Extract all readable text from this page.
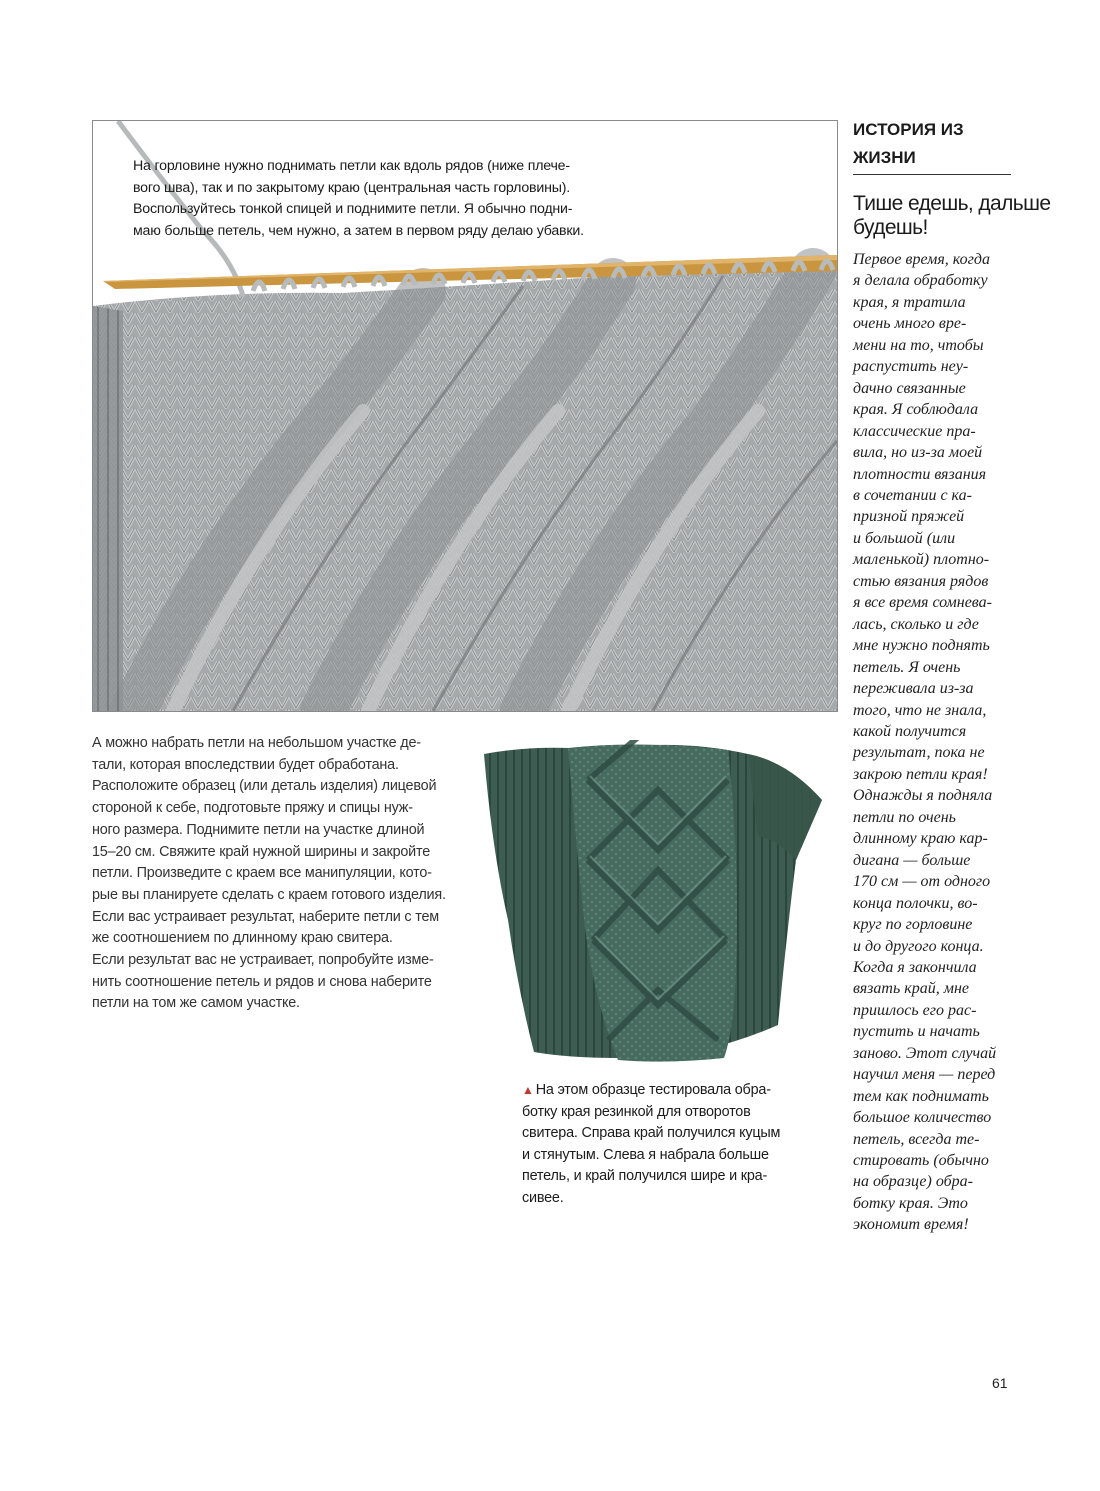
На горловине нужно поднимать петли как вдоль рядов (ниже плече-
вого шва), так и по закрытому краю (центральная часть горловины).
Воспользуйтесь тонкой спицей и поднимите петли. Я обычно подни-
маю больше петель, чем нужно, а затем в первом ряду делаю убавки.
А можно набрать петли на небольшом участке де-
тали, которая впоследствии будет обработана.
Расположите образец (или деталь изделия) лицевой
стороной к себе, подготовьте пряжу и спицы нуж-
ного размера. Поднимите петли на участке длиной
15–20 см. Свяжите край нужной ширины и закройте
петли. Произведите с краем все манипуляции, кото-
рые вы планируете сделать с краем готового изделия.
Если вас устраивает результат, наберите петли с тем
же соотношением по длинному краю свитера.
Если результат вас не устраивает, попробуйте изме-
нить соотношение петель и рядов и снова наберите
петли на том же самом участке.
▲ На этом образце тестировала обра-
ботку края резинкой для отворотов
свитера. Справа край получился куцым
и стянутым. Слева я набрала больше
петель, и край получился шире и кра-
сивее.
ИСТОРИЯ ИЗ
ЖИЗНИ
Тише едешь, дальше
будешь!
Первое время, когда
я делала обработку
края, я тратила
очень много вре-
мени на то, чтобы
распустить неу-
дачно связанные
края. Я соблюдала
классические пра-
вила, но из-за моей
плотности вязания
в сочетании с ка-
призной пряжей
и большой (или
маленькой) плотно-
стью вязания рядов
я все время сомнева-
лась, сколько и где
мне нужно поднять
петель. Я очень
переживала из-за
того, что не знала,
какой получится
результат, пока не
закрою петли края!
Однажды я подняла
петли по очень
длинному краю кар-
дигана — больше
170 см — от одного
конца полочки, во-
круг по горловине
и до другого конца.
Когда я закончила
вязать край, мне
пришлось его рас-
пустить и начать
заново. Этот случай
научил меня — перед
тем как поднимать
большое количество
петель, всегда те-
стировать (обычно
на образце) обра-
ботку края. Это
экономит время!
61
